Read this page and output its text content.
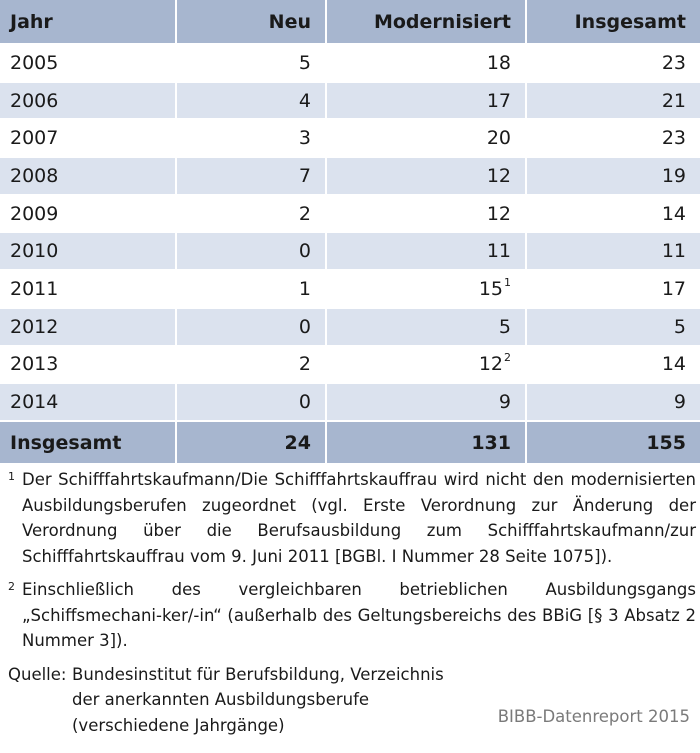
Jahr	Neu	Modernisiert	Insgesamt
2005	5	18	23
2006	4	17	21
2007	3	20	23
2008	7	12	19
2009	2	12	14
2010	0	11	11
2011	1	$15^1$	17
2012	0	5	5
2013	2	$12^2$	14
2014	0	9	9
Insgesamt	24	131	155
1 Der Schifffahrtskaufmann/Die Schifffahrtskauffrau wird nicht den modernisierten Ausbildungsberufen zugeordnet (vgl. Erste Verordnung zur Änderung der Verordnung über die Berufsausbildung zum Schifffahrtskaufmann/zur Schifffahrtskauffrau vom 9. Juni 2011 [BGBl. I Nummer 28 Seite 1075]).
2 Einschließlich des vergleichbaren betrieblichen Ausbildungsgangs „Schiffsmechani-ker/-in“ (außerhalb des Geltungsbereichs des BBiG [§ 3 Absatz 2 Nummer 3]).
Quelle: Bundesinstitut für Berufsbildung, Verzeichnis
der anerkannten Ausbildungsberufe
(verschiedene Jahrgänge)	BIBB-Datenreport 2015
